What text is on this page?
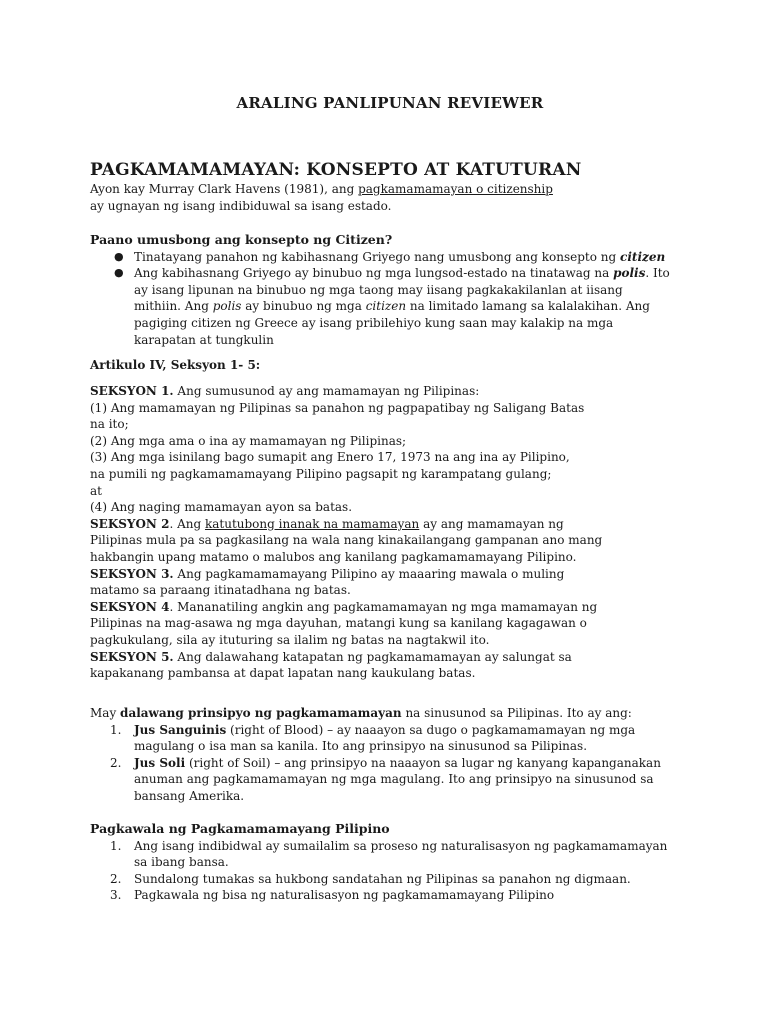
ARALING PANLIPUNAN REVIEWER
PAGKAMAMAMAYAN: KONSEPTO AT KATUTURAN
Ayon kay Murray Clark Havens (1981), ang pagkamamamayan o citizenship
ay ugnayan ng isang indibiduwal sa isang estado.
Paano umusbong ang konsepto ng Citizen?
● Tinatayang panahon ng kabihasnang Griyego nang umusbong ang konsepto ng citizen
● Ang kabihasnang Griyego ay binubuo ng mga lungsod-estado na tinatawag na polis. Ito
ay isang lipunan na binubuo ng mga taong may iisang pagkakakilanlan at iisang
mithiin. Ang polis ay binubuo ng mga citizen na limitado lamang sa kalalakihan. Ang
pagiging citizen ng Greece ay isang pribilehiyo kung saan may kalakip na mga
karapatan at tungkulin
Artikulo IV, Seksyon 1- 5:
SEKSYON 1. Ang sumusunod ay ang mamamayan ng Pilipinas:
(1) Ang mamamayan ng Pilipinas sa panahon ng pagpapatibay ng Saligang Batas
na ito;
(2) Ang mga ama o ina ay mamamayan ng Pilipinas;
(3) Ang mga isinilang bago sumapit ang Enero 17, 1973 na ang ina ay Pilipino,
na pumili ng pagkamamamayang Pilipino pagsapit ng karampatang gulang;
at
(4) Ang naging mamamayan ayon sa batas.
SEKSYON 2. Ang katutubong inanak na mamamayan ay ang mamamayan ng
Pilipinas mula pa sa pagkasilang na wala nang kinakailangang gampanan ano mang
hakbangin upang matamo o malubos ang kanilang pagkamamamayang Pilipino.
SEKSYON 3. Ang pagkamamamayang Pilipino ay maaaring mawala o muling
matamo sa paraang itinatadhana ng batas.
SEKSYON 4. Mananatiling angkin ang pagkamamamayan ng mga mamamayan ng
Pilipinas na mag-asawa ng mga dayuhan, matangi kung sa kanilang kagagawan o
pagkukulang, sila ay ituturing sa ilalim ng batas na nagtakwil ito.
SEKSYON 5. Ang dalawahang katapatan ng pagkamamamayan ay salungat sa
kapakanang pambansa at dapat lapatan nang kaukulang batas.
May dalawang prinsipyo ng pagkamamamayan na sinusunod sa Pilipinas. Ito ay ang:
1. Jus Sanguinis (right of Blood) – ay naaayon sa dugo o pagkamamamayan ng mga
magulang o isa man sa kanila. Ito ang prinsipyo na sinusunod sa Pilipinas.
2. Jus Soli (right of Soil) – ang prinsipyo na naaayon sa lugar ng kanyang kapanganakan
anuman ang pagkamamamayan ng mga magulang. Ito ang prinsipyo na sinusunod sa
bansang Amerika.
Pagkawala ng Pagkamamamayang Pilipino
1. Ang isang indibidwal ay sumailalim sa proseso ng naturalisasyon ng pagkamamamayan
sa ibang bansa.
2. Sundalong tumakas sa hukbong sandatahan ng Pilipinas sa panahon ng digmaan.
3. Pagkawala ng bisa ng naturalisasyon ng pagkamamamayang Pilipino
